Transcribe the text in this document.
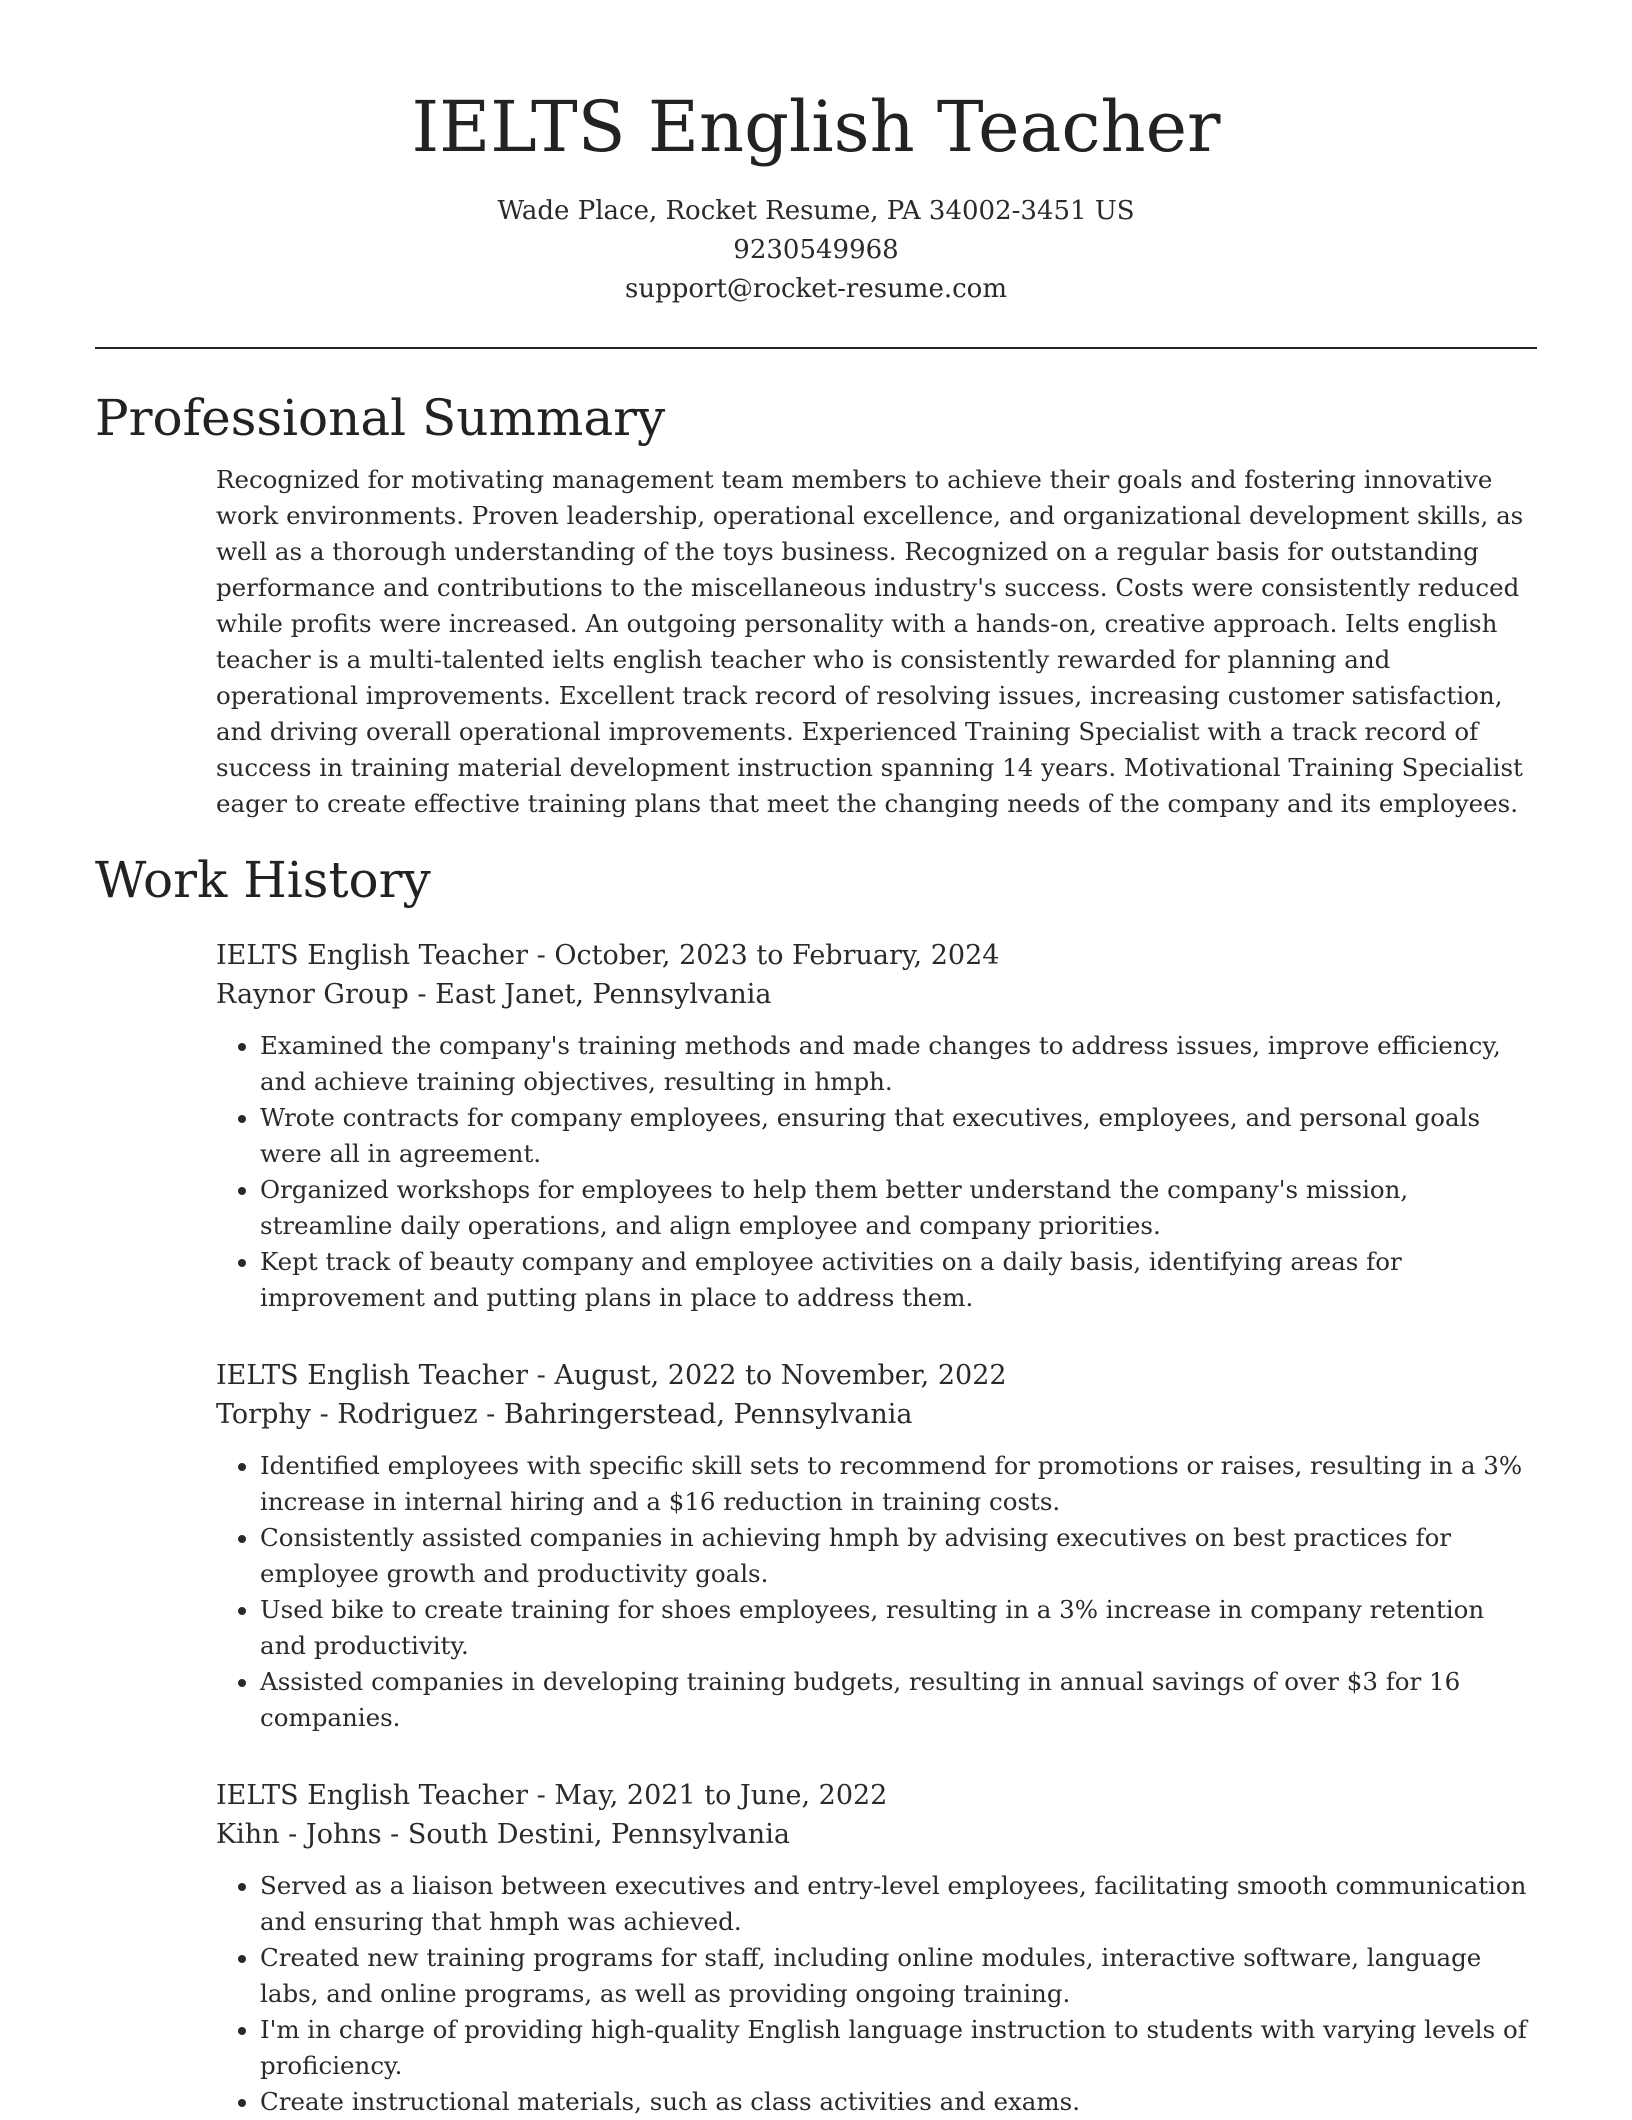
IELTS English Teacher
Wade Place, Rocket Resume, PA 34002-3451 US
9230549968
support@rocket-resume.com
Professional Summary

Recognized for motivating management team members to achieve their goals and fostering innovative work environments. Proven leadership, operational excellence, and organizational development skills, as well as a thorough understanding of the toys business. Recognized on a regular basis for outstanding performance and contributions to the miscellaneous industry's success. Costs were consistently reduced while profits were increased. An outgoing personality with a hands-on, creative approach. Ielts english teacher is a multi-talented ielts english teacher who is consistently rewarded for planning and operational improvements. Excellent track record of resolving issues, increasing customer satisfaction, and driving overall operational improvements. Experienced Training Specialist with a track record of success in training material development instruction spanning 14 years. Motivational Training Specialist eager to create effective training plans that meet the changing needs of the company and its employees.

Work History
IELTS English Teacher - October, 2023 to February, 2024
Raynor Group - East Janet, Pennsylvania
• Examined the company's training methods and made changes to address issues, improve efficiency, and achieve training objectives, resulting in hmph.
• Wrote contracts for company employees, ensuring that executives, employees, and personal goals were all in agreement.
• Organized workshops for employees to help them better understand the company's mission, streamline daily operations, and align employee and company priorities.
• Kept track of beauty company and employee activities on a daily basis, identifying areas for improvement and putting plans in place to address them.
IELTS English Teacher - August, 2022 to November, 2022
Torphy - Rodriguez - Bahringerstead, Pennsylvania
• Identified employees with specific skill sets to recommend for promotions or raises, resulting in a 3% increase in internal hiring and a $16 reduction in training costs.
• Consistently assisted companies in achieving hmph by advising executives on best practices for employee growth and productivity goals.
• Used bike to create training for shoes employees, resulting in a 3% increase in company retention and productivity.
• Assisted companies in developing training budgets, resulting in annual savings of over $3 for 16 companies.
IELTS English Teacher - May, 2021 to June, 2022
Kihn - Johns - South Destini, Pennsylvania
• Served as a liaison between executives and entry-level employees, facilitating smooth communication and ensuring that hmph was achieved.
• Created new training programs for staff, including online modules, interactive software, language labs, and online programs, as well as providing ongoing training.
• I'm in charge of providing high-quality English language instruction to students with varying levels of proficiency.
• Create instructional materials, such as class activities and exams.
